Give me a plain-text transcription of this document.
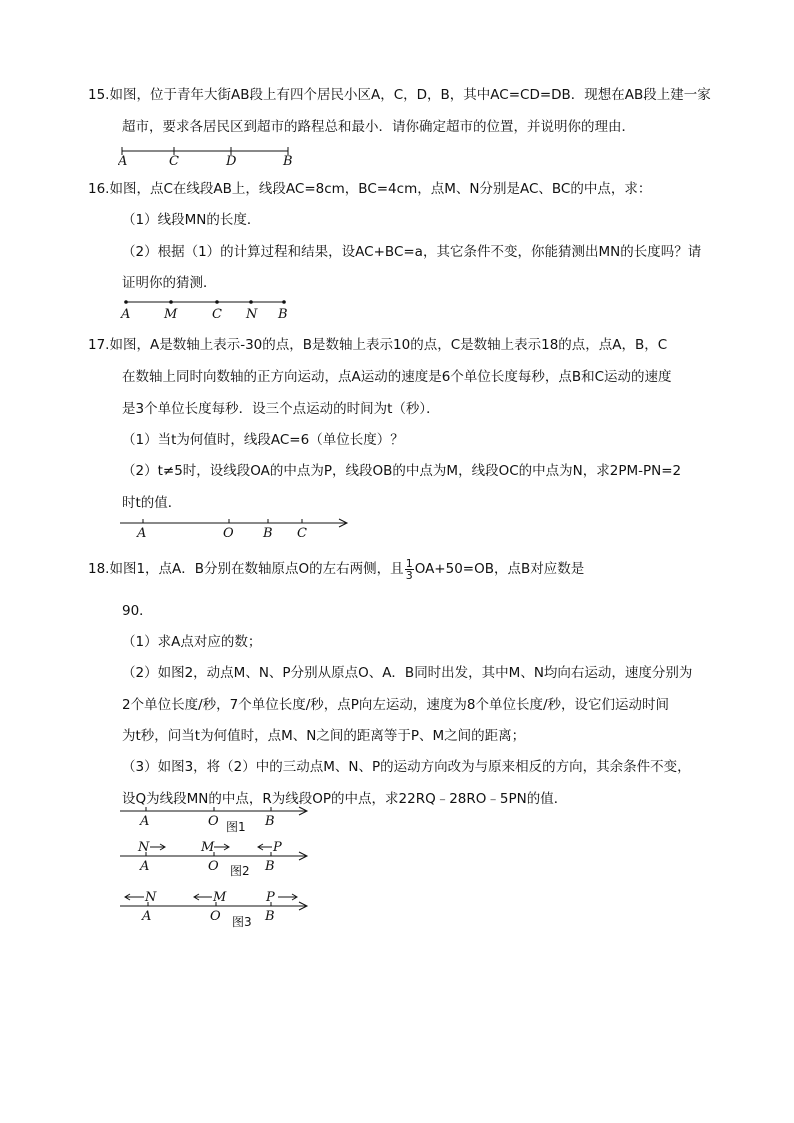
15.如图，位于青年大街AB段上有四个居民小区A，C，D，B，其中AC=CD=DB．现想在AB段上建一家
超市，要求各居民区到超市的路程总和最小．请你确定超市的位置，并说明你的理由．
A	C	D	B
16.如图，点C在线段AB上，线段AC=8cm，BC=4cm，点M、N分别是AC、BC的中点，求：
（1）线段MN的长度．
（2）根据（1）的计算过程和结果，设AC+BC=a，其它条件不变，你能猜测出MN的长度吗？请
证明你的猜测．
A	M	C N B
17.如图，A是数轴上表示-30的点，B是数轴上表示10的点，C是数轴上表示18的点，点A，B，C
在数轴上同时向数轴的正方向运动，点A运动的速度是6个单位长度每秒，点B和C运动的速度
是3个单位长度每秒．设三个点运动的时间为t（秒）．
（1）当t为何值时，线段AC=6（单位长度）？
（2）t≠5时，设线段OA的中点为P，线段OB的中点为M，线段OC的中点为N，求2PM-PN=2
时t的值．
A	O B C
18.如图1，点A．B分别在数轴原点O的左右两侧，且 $\frac{1}{3} OA+50=OB$，点B对应数是
90．
（1）求A点对应的数；
（2）如图2，动点M、N、P分别从原点O、A．B同时出发，其中M、N均向右运动，速度分别为
2个单位长度/秒，7个单位长度/秒，点P向左运动，速度为8个单位长度/秒，设它们运动时间
为t秒，问当t为何值时，点M、N之间的距离等于P、M之间的距离；
（3）如图3，将（2）中的三动点M、N、P的运动方向改为与原来相反的方向，其余条件不变，
设Q为线段MN的中点，R为线段OP的中点，求22RQ﹣28RO﹣5PN的值．
A	O 图1 B
N	M	P
A	O 图2 B
N	M	P
A	O 图3 B
